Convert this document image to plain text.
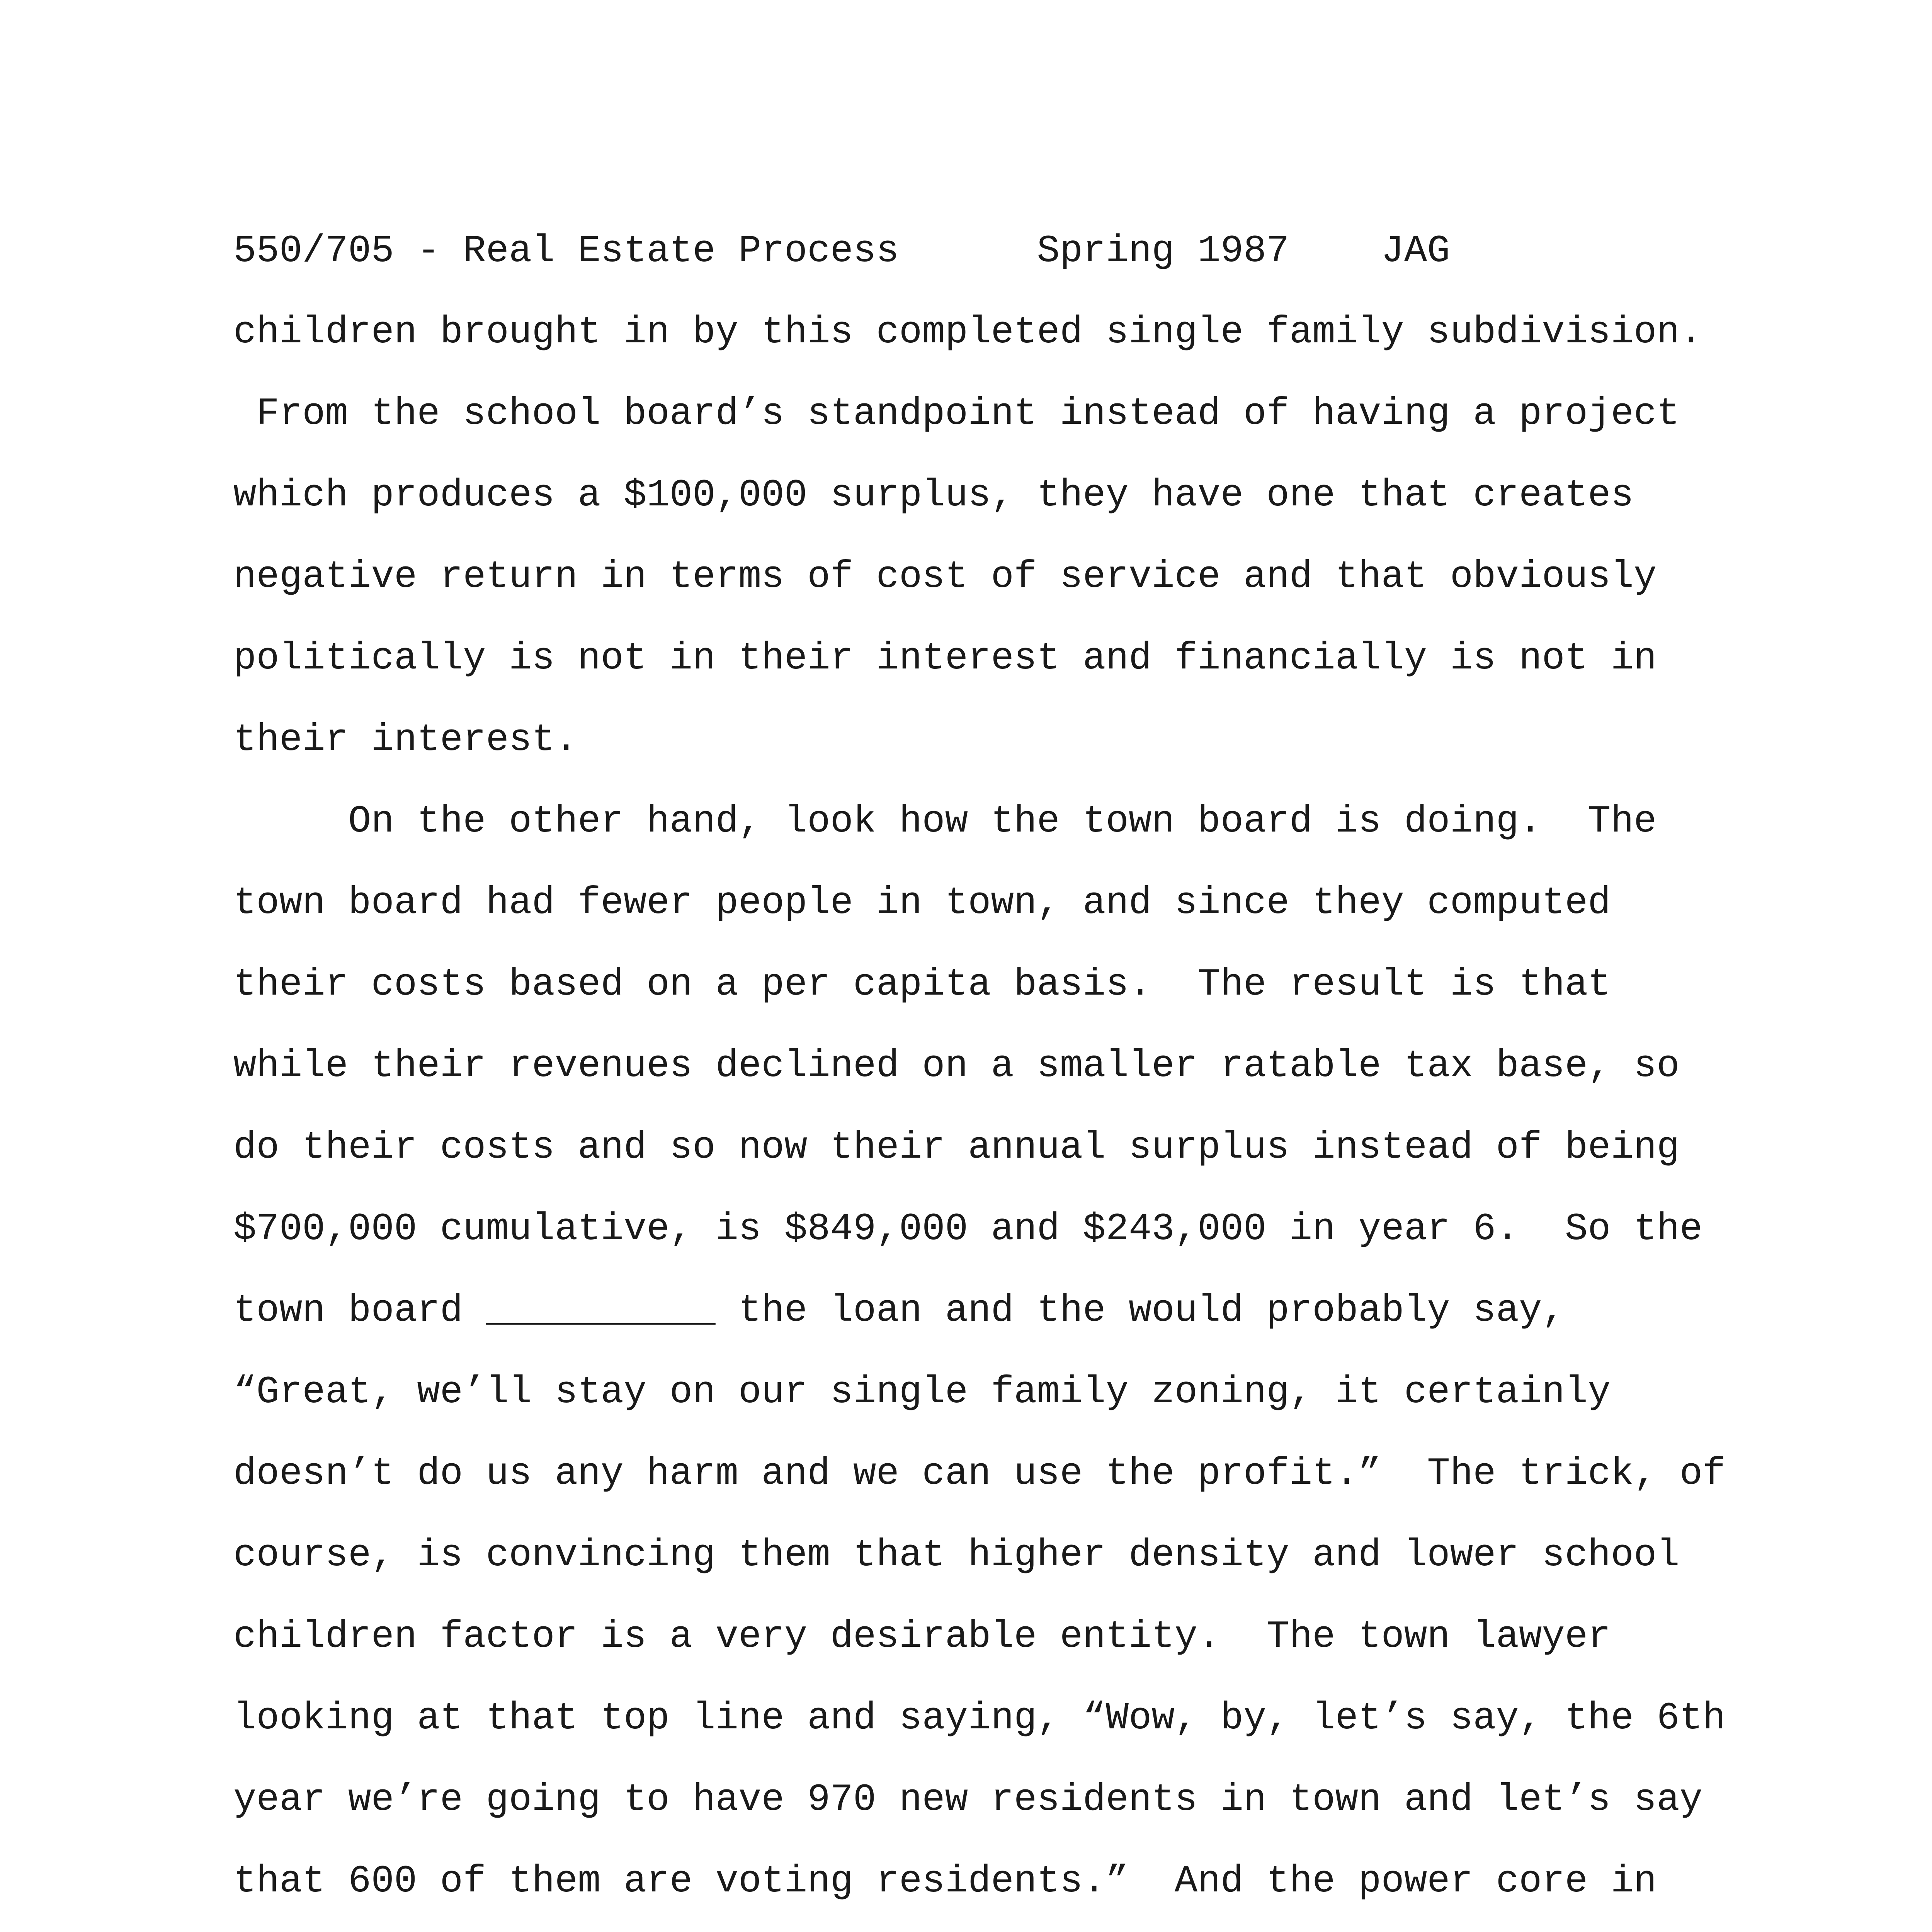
550/705 - Real Estate Process      Spring 1987    JAG
children brought in by this completed single family subdivision.
From the school board’s standpoint instead of having a project
which produces a $100,000 surplus, they have one that creates
negative return in terms of cost of service and that obviously
politically is not in their interest and financially is not in
their interest.
On the other hand, look how the town board is doing.  The
town board had fewer people in town, and since they computed
their costs based on a per capita basis.  The result is that
while their revenues declined on a smaller ratable tax base, so
do their costs and so now their annual surplus instead of being
$700,000 cumulative, is $849,000 and $243,000 in year 6.  So the
town board __________ the loan and the would probably say,
“Great, we’ll stay on our single family zoning, it certainly
doesn’t do us any harm and we can use the profit.”  The trick, of
course, is convincing them that higher density and lower school
children factor is a very desirable entity.  The town lawyer
looking at that top line and saying, “Wow, by, let’s say, the 6th
year we’re going to have 970 new residents in town and let’s say
that 600 of them are voting residents.”  And the power core in
